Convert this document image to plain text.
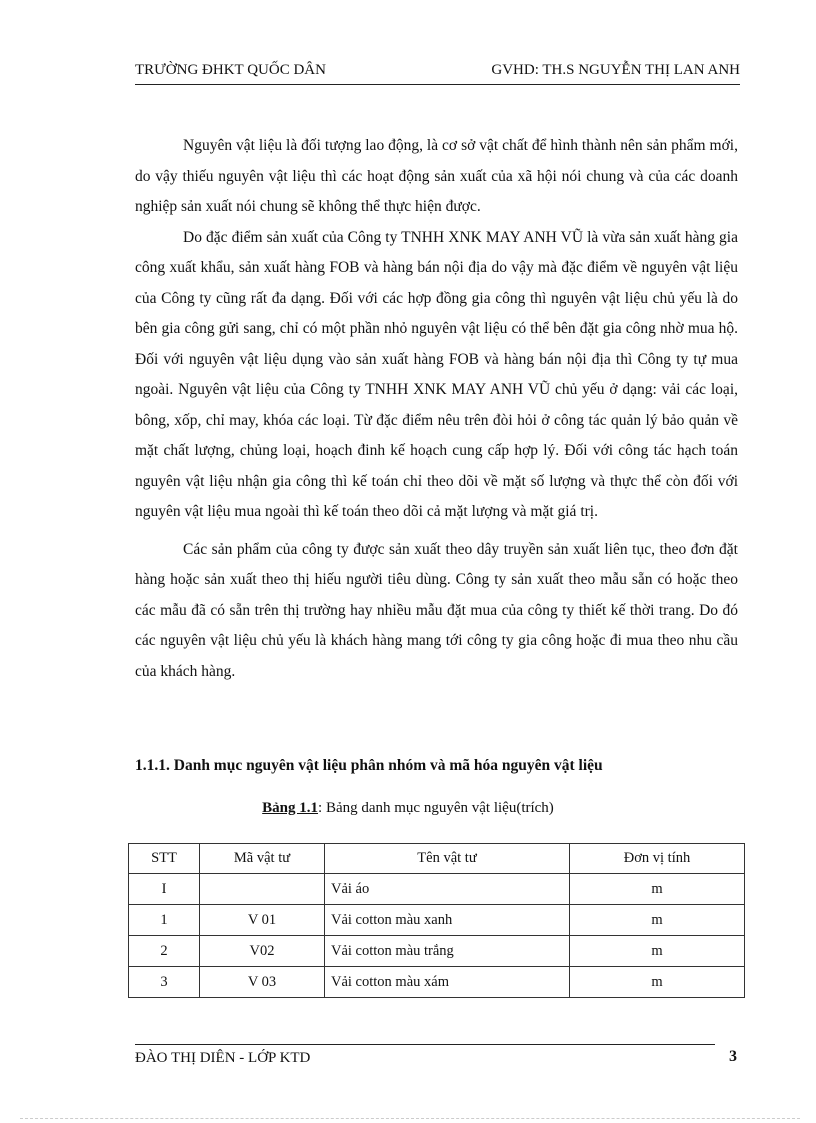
TRƯỜNG ĐHKT QUỐC DÂN	GVHD: TH.S NGUYỄN THỊ LAN ANH

Nguyên vật liệu là đối tượng lao động, là cơ sở vật chất để hình thành nên sản phẩm mới, do vậy thiếu nguyên vật liệu thì các hoạt động sản xuất của xã hội nói chung và của các doanh nghiệp sản xuất nói chung sẽ không thể thực hiện được.

Do đặc điểm sản xuất của Công ty TNHH XNK MAY ANH VŨ là vừa sản xuất hàng gia công xuất khẩu, sản xuất hàng FOB và hàng bán nội địa do vậy mà đặc điểm về nguyên vật liệu của Công ty cũng rất đa dạng. Đối với các hợp đồng gia công thì nguyên vật liệu chủ yếu là do bên gia công gửi sang, chỉ có một phần nhỏ nguyên vật liệu có thể bên đặt gia công nhờ mua hộ. Đối với nguyên vật liệu dụng vào sản xuất hàng FOB và hàng bán nội địa thì Công ty tự mua ngoài. Nguyên vật liệu của Công ty TNHH XNK MAY ANH VŨ chủ yếu ở dạng: vải các loại, bông, xốp, chỉ may, khóa các loại. Từ đặc điểm nêu trên đòi hỏi ở công tác quản lý bảo quản về mặt chất lượng, chủng loại, hoạch đinh kế hoạch cung cấp hợp lý. Đối với công tác hạch toán nguyên vật liệu nhận gia công thì kế toán chỉ theo dõi về mặt số lượng và thực thể còn đối với nguyên vật liệu mua ngoài thì kế toán theo dõi cả mặt lượng và mặt giá trị.

Các sản phẩm của công ty được sản xuất theo dây truyền sản xuất liên tục, theo đơn đặt hàng hoặc sản xuất theo thị hiếu người tiêu dùng. Công ty sản xuất theo mẫu sẵn có hoặc theo các mẫu đã có sẵn trên thị trường hay nhiều mẫu đặt mua của công ty thiết kế thời trang. Do đó các nguyên vật liệu chủ yếu là khách hàng mang tới công ty gia công hoặc đi mua theo nhu cầu của khách hàng.

1.1.1. Danh mục nguyên vật liệu phân nhóm và mã hóa nguyên vật liệu
Bảng 1.1: Bảng danh mục nguyên vật liệu(trích)
STT	Mã vật tư	Tên vật tư	Đơn vị tính
I		Vải áo	m
1	V 01	Vải cotton màu xanh	m
2	V02	Vải cotton màu trắng	m
3	V 03	Vải cotton màu xám	m
ĐÀO THỊ DIÊN - LỚP KTD	3
